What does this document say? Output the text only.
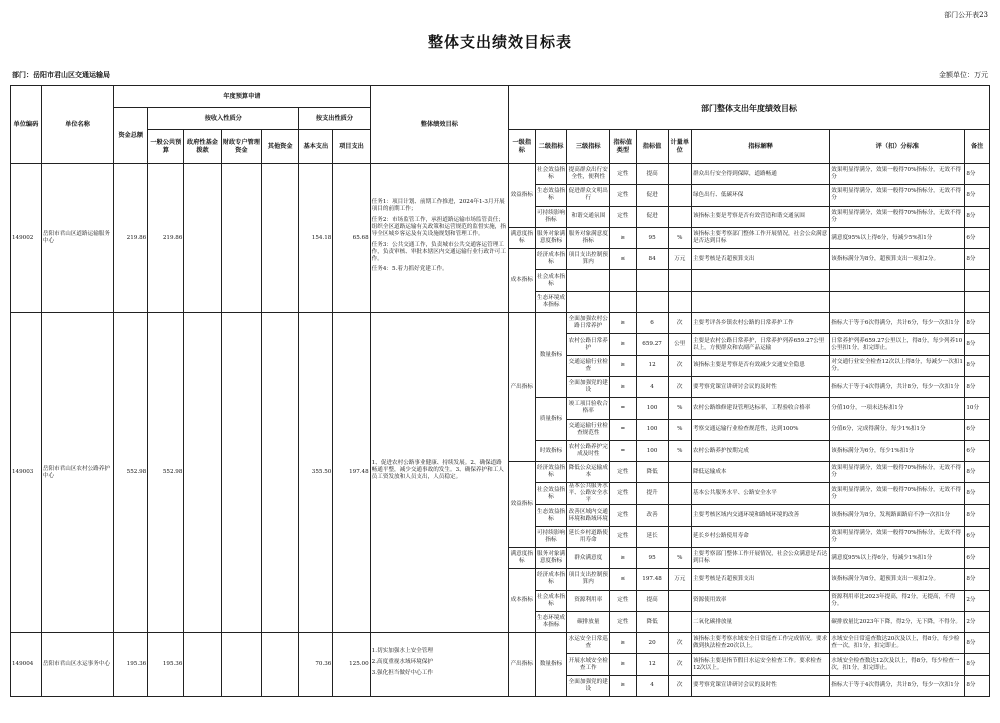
部门公开表23
整体支出绩效目标表
部门：岳阳市君山区交通运输局	金额单位：万元
单位编码	单位名称	年度预算申请							整体绩效目标	部门整体支出年度绩效目标								
		资金总额	按收入性质分				按支出性质分											
			一般公共预算	政府性基金拨款	财政专户管理资金	其他资金	基本支出	项目支出		一级指标	二级指标	三级指标	指标值类型	指标值	计量单位	指标解释	评（扣）分标准	备注
149002	岳阳市君山区道路运输服务中心	219.86	219.86				154.18	65.68	任务1：项目计划、前期工作推进，2024年1-3月开展项目的前期工作；
任务2：市场监管工作，承担道路运输市场监管责任；组织全区道路运输有关政策和运营规范的监督实施，指导全区城乡客运及有关设施规划和管理工作。
任务3：公共交通工作，负责城市公共交通客运管理工作，负责审核、审批本辖区内交通运输行业行政许可工作。
任务4：5.着力抓好党建工作。	效益指标	社会效益指标	提高群众出行安全性，便利性	定性	提高		群众出行安全得到保障，道路畅通	效果明显得满分，效果一般得70%指标分，无效不得分	8分
											生态效益指标	促进群众文明出行	定性	促进		绿色出行、低碳环保	效果明显得满分，效果一般得70%指标分，无效不得分	8分
											可持续影响指标	和谐交通氛围	定性	促进		该指标主要是考察是否有效营造和谐交通氛围	效果明显得满分，效果一般得70%指标分，无效不得分	8分
										满意度指标	服务对象满意度指标	服务对象满意度指标	≥	95	%	该指标主要考察部门整体工作开展情况，社会公众满意是否达到目标	满意度95%以上得6分，每减少5%扣1分	6分
										成本指标	经济成本指标	项目支出控制预算内	≤	84	万元	主要考核是否超预算支出	该指标满分为8分，超预算支出一项扣2分。	8分
											社会成本指标							
											生态环境成本指标							
149003	岳阳市君山区农村公路养护中心	552.98	552.98				355.50	197.48	1、促进农村公路事业健康、持续发展。2、确保道路畅通平整，减少交通事故的发生。3、确保养护和工人员工资发放和人员支出，人员稳定。	产出指标	数量指标	全面加强农村公路日常养护	≥	6	次	主要考评各乡镇农村公路的日常养护工作	指标大于等于6次得满分，共计6分，每少一次扣1分	8分
												农村公路日常养护	≥	659.27	公里	主要是农村公路日常养护，日常养护列养659.27公里以上，方便群众和农副产品运输	日常养护列养659.27公里以上，得8分，每少列养10公里扣1分，扣完即止。	8分
												交通运输行业检查	≥	12	次	该指标主要是考察是否有效减少交通安全隐患	对交通行业安全检查12次以上得8分，每减少一次扣1分。	8分
												全面加强党的建设	≥	4	次	要考察党课宣讲研讨会议的及时性	指标大于等于4次得满分，共计8分，每少一次扣1分	8分
											质量指标	竣工项目验收合格率	=	100	%	农村公路维修建设管理达标率，工程验收合格率	分值10分，一项未达标扣1分	10分
												交通运输行业检查规范性	=	100	%	考察交通运输行业检查规范性，达到100%	分值6分，完成得满分，每少1%扣1分	6分
											时效指标	农村公路养护完成及时性	=	100	%	农村公路养护按期完成	该指标满分为6分，每少1%扣1分	6分
										效益指标	经济效益指标	降低公众运输成本	定性	降低		降低运输成本	效果明显得满分，效果一般得70%指标分，无效不得分	8分
											社会效益指标	基本公共服务水平、公路安全水平	定性	提升		基本公共服务水平、公路安全水平	效果明显得满分，效果一般得70%指标分，无效不得分	8分
											生态效益指标	改善区域内交通环境和路域环境	定性	改善		主要考核区域内交通环境和路域环境的改善	该指标满分为8分，发现路面路肩不净一次扣1分	8分
											可持续影响指标	延长乡村道路使用寿命	定性	延长		延长乡村公路使用寿命	效果明显得满分，效果一般得70%指标分，无效不得分	6分
										满意度指标	服务对象满意度指标	群众满意度	≥	95	%	主要考察部门整体工作开展情况，社会公众满意是否达到目标	满意度95%以上得6分，每减少1%扣1分	6分
										成本指标	经济成本指标	项目支出控制预算内	≤	197.48	万元	主要考核是否超预算支出	该指标满分为8分，超预算支出一项扣2分。	8分
											社会成本指标	资源利用率	定性	提高		资源使用效率	资源利用率比2023年提高，得2分，无提高，不得分。	2分
											生态环境成本指标	碳排放量	定性	降低		二氧化碳排放量	碳排放量比2023年下降，得2分，无下降，不得分。	2分
149004	岳阳市君山区水运事务中心	195.36	195.36				70.36	125.00	1.切实加强水上安全管理
2.高度重视水域环境保护
3.强化担当做好中心工作	产出指标	数量指标	水运安全日常巡查	≥	20	次	该指标主要考察水域安全日常巡查工作完成情况。要求做到执法检查20次以上。	水域安全日常巡查数达20次及以上，得8分，每少检查一次，扣1分，扣完即止。	8分
												开展水域安全检查工作	≥	12	次	该指标主要是指节假日水运安全检查工作。要求检查12次以上。	水域安全检查数达12次及以上，得8分，每少检查一次，扣1分，扣完即止。	8分
												全面加强党的建设	≥	4	次	要考察党课宣讲研讨会议的及时性	指标大于等于4次得满分，共计8分，每少一次扣1分	8分
